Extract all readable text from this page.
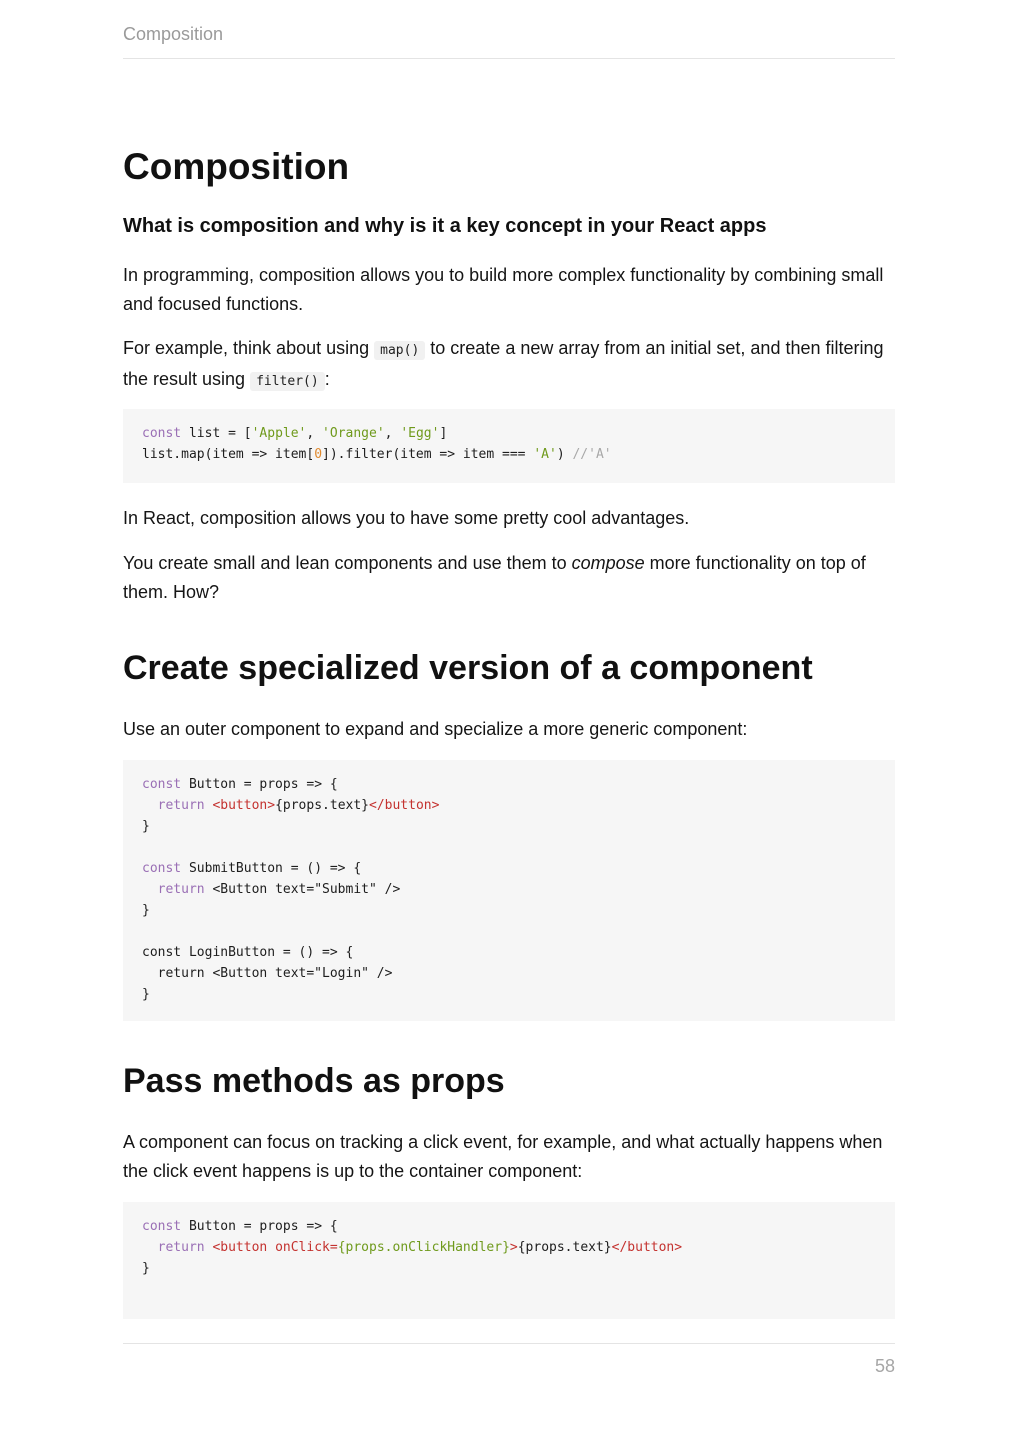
Composition
Composition
What is composition and why is it a key concept in your React apps

In programming, composition allows you to build more complex functionality by combining small and focused functions.

For example, think about using map() to create a new array from an initial set, and then filtering the result using filter() :

const list = ['Apple', 'Orange', 'Egg']
list.map(item => item[0]).filter(item => item === 'A') //'A'

In React, composition allows you to have some pretty cool advantages.

You create small and lean components and use them to compose more functionality on top of them. How?

Create specialized version of a component

Use an outer component to expand and specialize a more generic component:

const Button = props => {
return <button>{props.text}</button>
}
const SubmitButton = () => {
return <Button text="Submit" />
}
const LoginButton = () => {
return <Button text="Login" />
}
Pass methods as props

A component can focus on tracking a click event, for example, and what actually happens when the click event happens is up to the container component:

const Button = props => {
return <button onClick={props.onClickHandler}>{props.text}</button>
}
58
